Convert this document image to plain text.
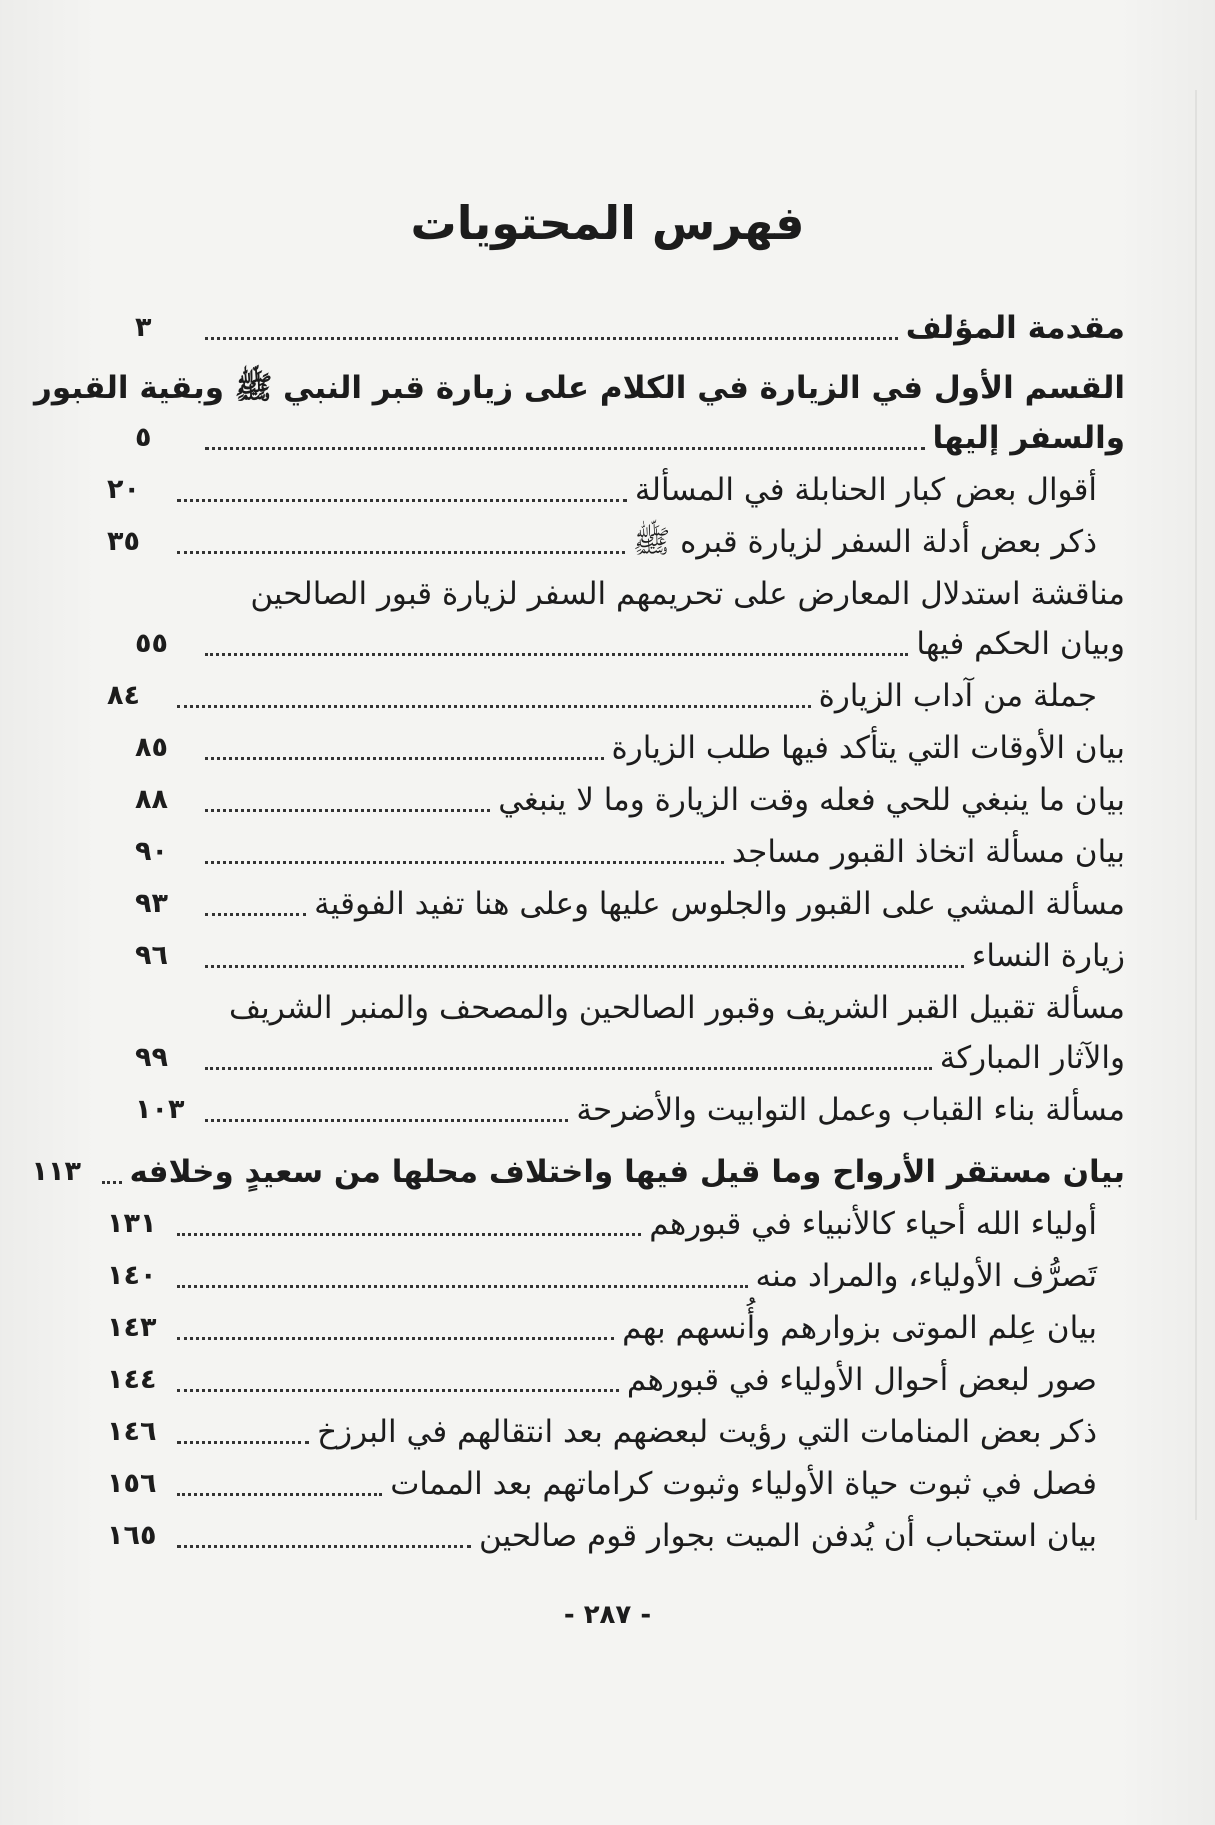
فهرس المحتويات
مقدمة المؤلف
٣
القسم الأول في الزيارة في الكلام على زيارة قبر النبي ﷺ وبقية القبور
والسفر إليها
٥
أقوال بعض كبار الحنابلة في المسألة
٢٠
ذكر بعض أدلة السفر لزيارة قبره ﷺ
٣٥
مناقشة استدلال المعارض على تحريمهم السفر لزيارة قبور الصالحين
وبيان الحكم فيها
٥٥
جملة من آداب الزيارة
٨٤
بيان الأوقات التي يتأكد فيها طلب الزيارة
٨٥
بيان ما ينبغي للحي فعله وقت الزيارة وما لا ينبغي
٨٨
بيان مسألة اتخاذ القبور مساجد
٩٠
مسألة المشي على القبور والجلوس عليها وعلى هنا تفيد الفوقية
٩٣
زيارة النساء
٩٦
مسألة تقبيل القبر الشريف وقبور الصالحين والمصحف والمنبر الشريف
والآثار المباركة
٩٩
مسألة بناء القباب وعمل التوابيت والأضرحة
١٠٣
بيان مستقر الأرواح وما قيل فيها واختلاف محلها من سعيدٍ وخلافه
١١٣
أولياء الله أحياء كالأنبياء في قبورهم
١٣١
تَصرُّف الأولياء، والمراد منه
١٤٠
بيان عِلم الموتى بزوارهم وأُنسهم بهم
١٤٣
صور لبعض أحوال الأولياء في قبورهم
١٤٤
ذكر بعض المنامات التي رؤيت لبعضهم بعد انتقالهم في البرزخ
١٤٦
فصل في ثبوت حياة الأولياء وثبوت كراماتهم بعد الممات
١٥٦
بيان استحباب أن يُدفن الميت بجوار قوم صالحين
١٦٥
- ٢٨٧ -
